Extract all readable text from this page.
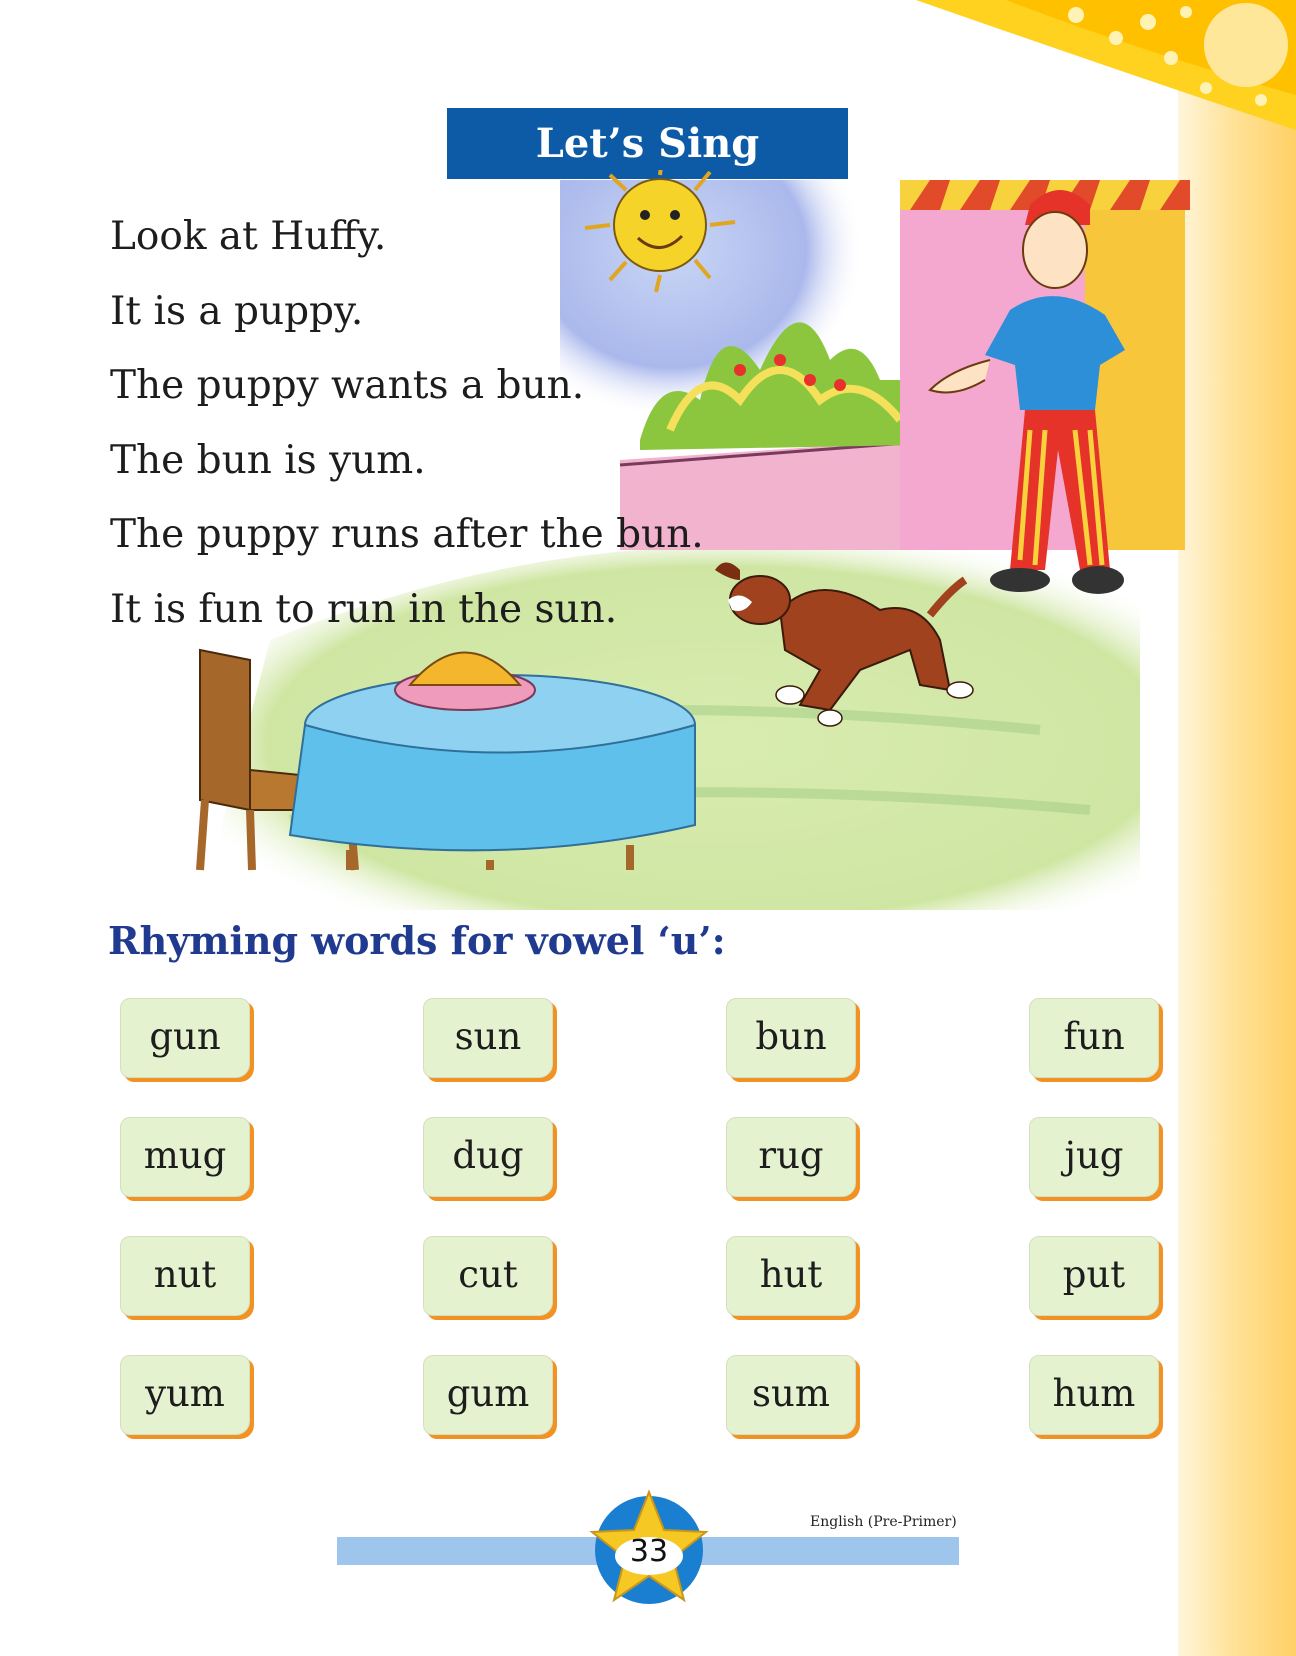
Let’s Sing
Look at Huffy.
It is a puppy.
The puppy wants a bun.
The bun is yum.
The puppy runs after the bun.
It is fun to run in the sun.
Rhyming words for vowel ‘u’:
gun	sun	bun	fun
mug	dug	rug	jug
nut	cut	hut	put
yum	gum	sum	hum
English (Pre-Primer)
33
